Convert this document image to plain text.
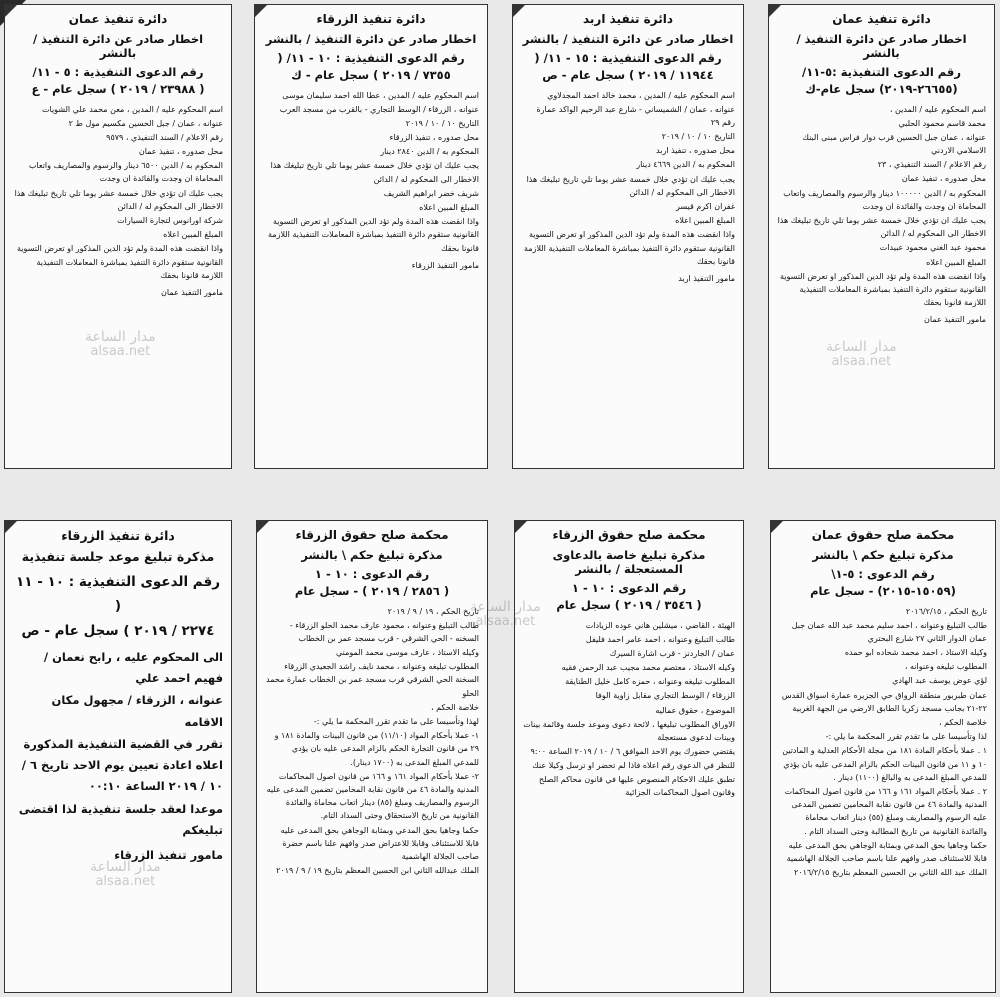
دائرة تنفيذ عمان
اخطار صادر عن دائرة التنفيذ / بالنشر
رقم الدعوى التنفيذية :٥-١١/
(٢٦٦٥٥-٢٠١٩) سجل عام-ك
اسم المحكوم عليه / المدين ،
محمد قاسم محمود الحلبي
عنوانه ، عمان جبل الحسين قرب دوار فراس مبنى البنك الاسلامي الاردني
رقم الاعلام / السند التنفيذي ، ٢٣
محل صدوره ، تنفيذ عمان
المحكوم به / الدين ١٠٠٠٠٠ دينار والرسوم والمصاريف واتعاب المحاماة ان وجدت والفائدة ان وجدت
يجب عليك ان تؤدي خلال خمسة عشر يوما تلي تاريخ تبليغك هذا الاخطار الى المحكوم له / الدائن
محمود عبد الغني محمود عبيدات
المبلغ المبين اعلاه
واذا انقضت هذه المدة ولم تؤد الدين المذكور او تعرض التسوية القانونية ستقوم دائرة التنفيذ بمباشرة المعاملات التنفيذية اللازمة قانونا بحقك
مامور التنفيذ عمان
دائرة تنفيذ اربد
اخطار صادر عن دائرة التنفيذ / بالنشر
رقم الدعوى التنفيذية : ١٥ - ١١/ (
١١٩٤٤ / ٢٠١٩ ) سجل عام - ص
اسم المحكوم عليه / المدين ، محمد خالد احمد المجدلاوي
عنوانه ، عمان / الشميساني - شارع عبد الرحيم الواكد عمارة رقم ٢٩
التاريخ ١٠ / ١٠ / ٢٠١٩
محل صدوره ، تنفيذ اربد
المحكوم به / الدين ٤٦٦٩ دينار
يجب عليك ان تؤدي خلال خمسة عشر يوما تلي تاريخ تبليغك هذا الاخطار الى المحكوم له / الدائن
غفران اكرم قيسر
المبلغ المبين اعلاه
واذا انقضت هذه المدة ولم تؤد الدين المذكور او تعرض التسوية القانونية ستقوم دائرة التنفيذ بمباشرة المعاملات التنفيذية اللازمة قانونا بحقك
مامور التنفيذ اربد
دائرة تنفيذ الزرقاء
اخطار صادر عن دائرة التنفيذ / بالنشر
رقم الدعوى التنفيذية : ١٠ - ١١/ (
٧٣٥٥ / ٢٠١٩ ) سجل عام - ك
اسم المحكوم عليه / المدين ، عطا الله احمد سليمان موسى
عنوانه ، الزرقاء / الوسط التجاري - بالقرب من مسجد العرب
التاريخ ١٠ / ١٠ / ٢٠١٩
محل صدوره ، تنفيذ الزرقاء
المحكوم به / الدين ٢٨٤٠ دينار
يجب عليك ان تؤدي خلال خمسة عشر يوما تلي تاريخ تبليغك هذا الاخطار الى المحكوم له / الدائن
شريف خضر ابراهيم الشريف
المبلغ المبين اعلاه
واذا انقضت هذه المدة ولم تؤد الدين المذكور او تعرض التسوية القانونية ستقوم دائرة التنفيذ بمباشرة المعاملات التنفيذية اللازمة قانونا بحقك
مامور التنفيذ الزرقاء
دائرة تنفيذ عمان
اخطار صادر عن دائرة التنفيذ / بالنشر
رقم الدعوى التنفيذية : ٥ - ١١/
( ٢٣٩٨٨ / ٢٠١٩ ) سجل عام - ع
اسم المحكوم عليه / المدين ، معن محمد علي الشويات
عنوانه ، عمان / جبل الحسين مكسيم مول ط ٢
رقم الاعلام / السند التنفيذي ، ٩٥٧٩
محل صدوره ، تنفيذ عمان
المحكوم به / الدين ٦٥٠٠ دينار والرسوم والمصاريف واتعاب المحاماة ان وجدت والفائدة ان وجدت
يجب عليك ان تؤدي خلال خمسة عشر يوما تلي تاريخ تبليغك هذا الاخطار الى المحكوم له / الدائن
شركة اورانوس لتجارة السيارات
المبلغ المبين اعلاه
واذا انقضت هذه المدة ولم تؤد الدين المذكور او تعرض التسوية القانونية ستقوم دائرة التنفيذ بمباشرة المعاملات التنفيذية اللازمة قانونا بحقك
مامور التنفيذ عمان
محكمة صلح حقوق عمان
مذكرة تبليغ حكم \ بالنشر
رقم الدعوى : ٥-١\
(١٥٠٥٩-٢٠١٥) - سجل عام
تاريخ الحكم ، ٢٠١٦/٢/١٥
طالب التبليغ وعنوانه ، احمد سليم محمد عبد الله عمان جبل عمان الدوار الثاني ٢٧ شارع البحتري
وكيله الاستاذ ، احمد محمد شحاده ابو حمده
المطلوب تبليغه وعنوانه ،
لؤي عوض يوسف عبد الهادي
عمان طبربور منطقة الرواق حي الجزيره عمارة اسواق القدس ٢٢-٢١ بجانب مسجد زكريا الطابق الارضي من الجهة الغربية
خلاصة الحكم ،
لذا وتأسيسا على ما تقدم تقرر المحكمة ما يلي :-
١ . عملا بأحكام المادة ١٨١ من مجلة الأحكام العدلية و المادتين ١٠ و ١١ من قانون البينات الحكم بالزام المدعى عليه بان يؤدي للمدعي المبلغ المدعى به والبالغ (١١٠٠) دينار .
٢ . عملا بأحكام المواد ١٦١ و ١٦٦ من قانون اصول المحاكمات المدنية والمادة ٤٦ من قانون نقابة المحامين تضمين المدعى عليه الرسوم والمصاريف ومبلغ (٥٥) دينار اتعاب محاماة والفائدة القانونية من تاريخ المطالبة وحتى السداد التام .
حكما وجاهيا بحق المدعي وبمثابة الوجاهي بحق المدعى عليه قابلا للاستئناف صدر وافهم علنا باسم صاحب الجلالة الهاشمية
الملك عبد الله الثاني بن الحسين المعظم بتاريخ ٢٠١٦/٢/١٥
محكمة صلح حقوق الزرقاء
مذكرة تبليغ خاصة بالدعاوى المستعجلة / بالنشر
رقم الدعوى : ١٠ - ١
( ٣٥٤٦ / ٢٠١٩ ) سجل عام
الهيئة ، القاضي ، ميشلين هاني عوده الزيادات
طالب التبليغ وعنوانه ، احمد عامر احمد فليفل
عمان / الجاردنز - قرب اشارة السيرك
وكيله الاستاذ ، معتصم محمد مجيب عبد الرحمن فقيه
المطلوب تبليغه وعنوانه ، حمزه كامل خليل الطنايقة
الزرقاء / الوسط التجاري مقابل زاوية الوفا
الموضوع ، حقوق عماليه
الاوراق المطلوب تبليغها ، لائحة دعوى وموعد جلسة وقائمة بينات وبينات لدعوى مستعجلة
يقتضي حضورك يوم الاحد الموافق ٦ / ١٠ / ٢٠١٩ الساعة ٩:٠٠
للنظر في الدعوى رقم اعلاه فاذا لم تحضر او ترسل وكيلا عنك تطبق عليك الاحكام المنصوص عليها في قانون محاكم الصلح وقانون اصول المحاكمات الجزائية
محكمة صلح حقوق الزرقاء
مذكرة تبليغ حكم \ بالنشر
رقم الدعوى : ١٠ - ١
( ٢٨٥٦ / ٢٠١٩ ) - سجل عام
تاريخ الحكم ، ١٩ / ٩ / ٢٠١٩
طالب التبليغ وعنوانه ، محمود عارف محمد الحلو الزرقاء - السخنه - الحي الشرقي - قرب مسجد عمر بن الخطاب
وكيله الاستاذ ، عارف موسى محمد المومني
المطلوب تبليغه وعنوانه ، محمد نايف راشد الجعيدي الزرقاء السخنة الحي الشرقي قرب مسجد عمر بن الخطاب عمارة محمد الحلو
خلاصة الحكم ،
لهذا وتأسيسا على ما تقدم تقرر المحكمة ما يلي :-
١- عملا بأحكام المواد (١١/١٠) من قانون البينات والمادة ١٨١ و ٢٩ من قانون التجارة الحكم بالزام المدعى عليه بان يؤدي للمدعي المبلغ المدعى به (١٧٠٠ دينار).
٢- عملا بأحكام المواد ١٦١ و ١٦٦ من قانون اصول المحاكمات المدنية والمادة ٤٦ من قانون نقابة المحامين تضمين المدعى عليه الرسوم والمصاريف ومبلغ (٨٥) دينار اتعاب محاماة والفائدة القانونية من تاريخ الاستحقاق وحتى السداد التام.
حكما وجاهيا بحق المدعي وبمثابة الوجاهي بحق المدعى عليه قابلا للاستئناف وقابلا للاعتراض صدر وافهم علنا باسم حضرة صاحب الجلالة الهاشمية
الملك عبدالله الثاني ابن الحسين المعظم بتاريخ ١٩ / ٩ / ٢٠١٩
دائرة تنفيذ الزرقاء
مذكرة تبليغ موعد جلسة تنفيذية
رقم الدعوى التنفيذية : ١٠ - ١١ (
٢٢٧٤ / ٢٠١٩ ) سجل عام - ص
الى المحكوم عليه ، رابح نعمان / فهيم احمد علي
عنوانه ، الزرقاء / مجهول مكان الاقامه
تقرر في القضية التنفيذية المذكورة اعلاه اعادة تعيين يوم الاحد تاريخ ٦ / ١٠ / ٢٠١٩ الساعة ٠٠:١٠
موعدا لعقد جلسة تنفيذية لذا اقتضى تبليغكم
مامور تنفيذ الزرقاء
مدار الساعة
alsaa.net
مدار الساعة
alsaa.net
مدار الساعة
alsaa.net
مدار الساعة
alsaa.net
